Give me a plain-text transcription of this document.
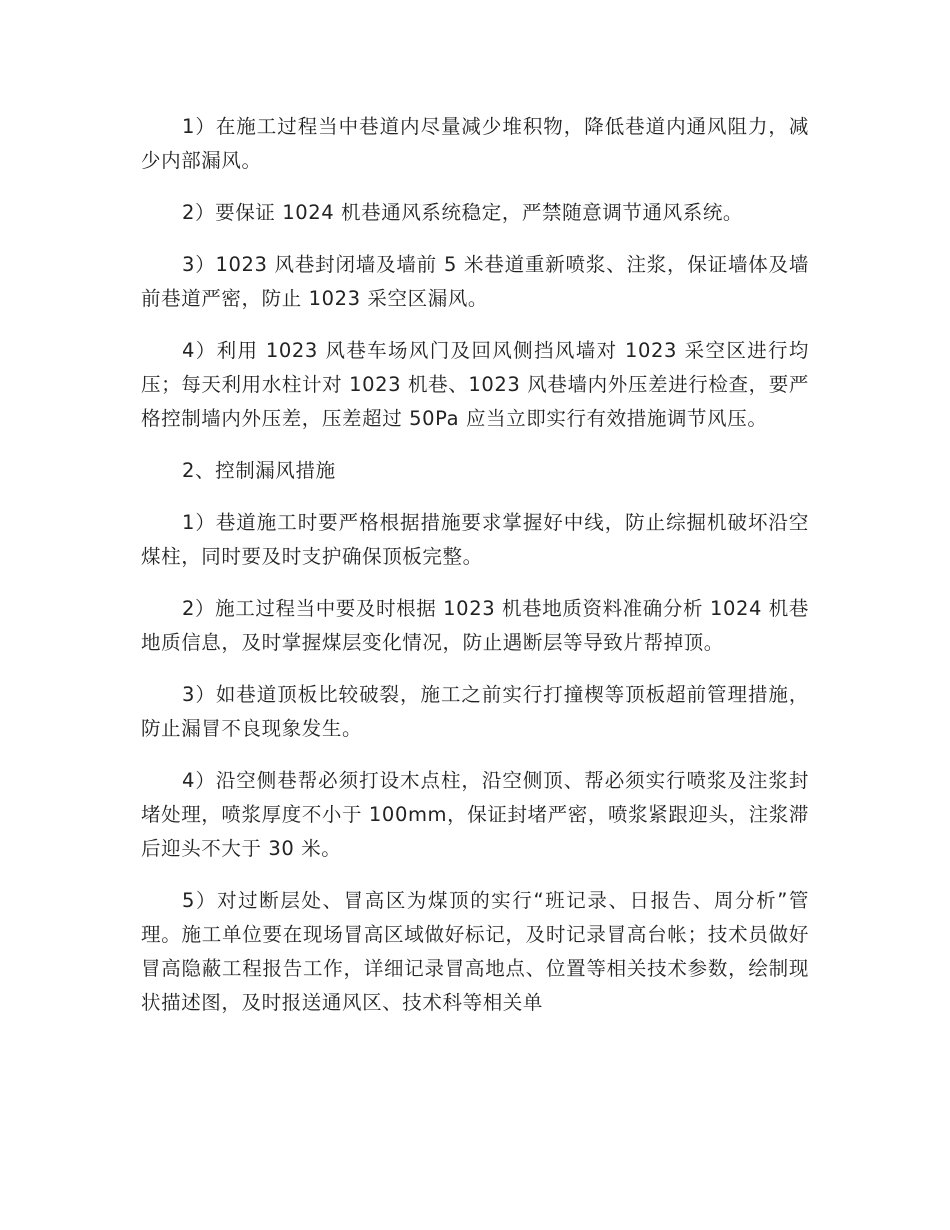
1）在施工过程当中巷道内尽量减少堆积物，降低巷道内通风阻力，减少内部漏风。

2）要保证 1024 机巷通风系统稳定，严禁随意调节通风系统。

3）1023 风巷封闭墙及墙前 5 米巷道重新喷浆、注浆，保证墙体及墙前巷道严密，防止 1023 采空区漏风。

4）利用 1023 风巷车场风门及回风侧挡风墙对 1023 采空区进行均压；每天利用水柱计对 1023 机巷、1023 风巷墙内外压差进行检查，要严格控制墙内外压差，压差超过 50Pa 应当立即实行有效措施调节风压。

2、控制漏风措施

1）巷道施工时要严格根据措施要求掌握好中线，防止综掘机破坏沿空煤柱，同时要及时支护确保顶板完整。

2）施工过程当中要及时根据 1023 机巷地质资料准确分析 1024 机巷地质信息，及时掌握煤层变化情况，防止遇断层等导致片帮掉顶。

3）如巷道顶板比较破裂，施工之前实行打撞楔等顶板超前管理措施，防止漏冒不良现象发生。

4）沿空侧巷帮必须打设木点柱，沿空侧顶、帮必须实行喷浆及注浆封堵处理，喷浆厚度不小于 100mm，保证封堵严密，喷浆紧跟迎头，注浆滞后迎头不大于 30 米。

5）对过断层处、冒高区为煤顶的实行“班记录、日报告、周分析”管理。施工单位要在现场冒高区域做好标记，及时记录冒高台帐；技术员做好冒高隐蔽工程报告工作，详细记录冒高地点、位置等相关技术参数，绘制现状描述图，及时报送通风区、技术科等相关单
